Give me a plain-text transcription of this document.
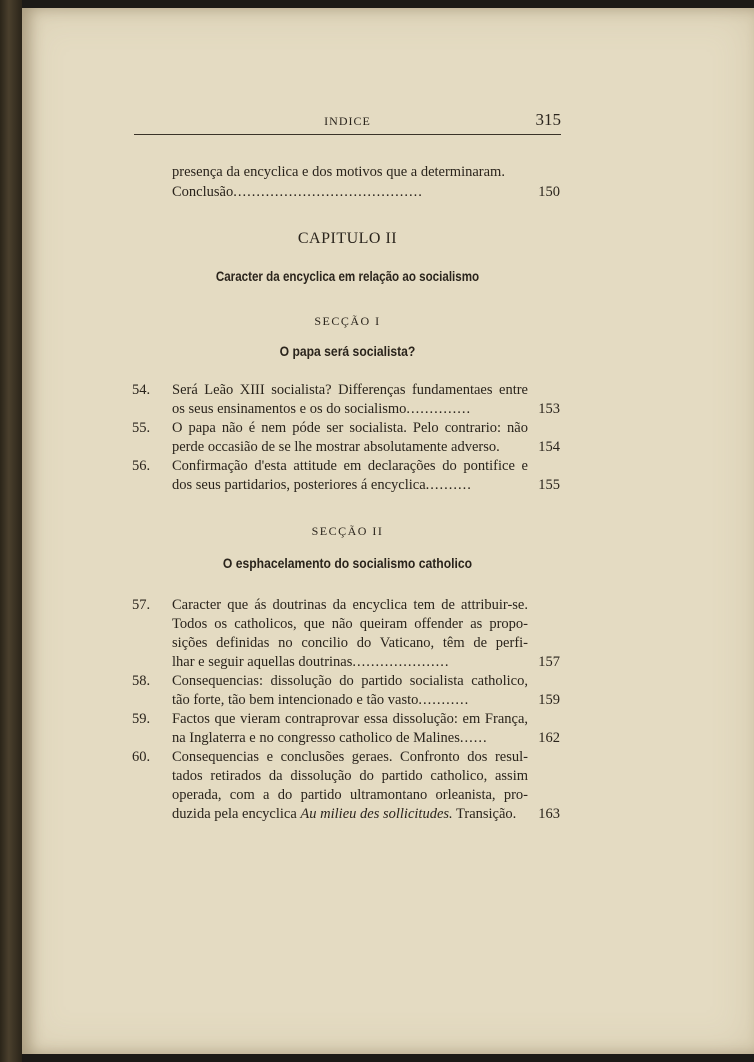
INDICE	315
presença da encyclica e dos motivos que a determinaram.
Conclusão.........................................	150
CAPITULO II
Caracter da encyclica em relação ao socialismo
SECÇÃO I
O papa será socialista?
54. Será Leão XIII socialista? Differenças fundamentaes entre
os seus ensinamentos e os do socialismo..............	153
55. O papa não é nem póde ser socialista. Pelo contrario: não
perde occasião de se lhe mostrar absolutamente adverso.	154
56. Confirmação d'esta attitude em declarações do pontifice e
dos seus partidarios, posteriores á encyclica..........	155
SECÇÃO II
O esphacelamento do socialismo catholico
57. Caracter que ás doutrinas da encyclica tem de attribuir-se.
Todos os catholicos, que não queiram offender as propo-
sições definidas no concilio do Vaticano, têm de perfi-
lhar e seguir aquellas doutrinas.....................	157
58. Consequencias: dissolução do partido socialista catholico,
tão forte, tão bem intencionado e tão vasto...........	159
59. Factos que vieram contraprovar essa dissolução: em França,
na Inglaterra e no congresso catholico de Malines......	162
60. Consequencias e conclusões geraes. Confronto dos resul-
tados retirados da dissolução do partido catholico, assim
operada, com a do partido ultramontano orleanista, pro-
duzida pela encyclica Au milieu des sollicitudes. Transição.	163
